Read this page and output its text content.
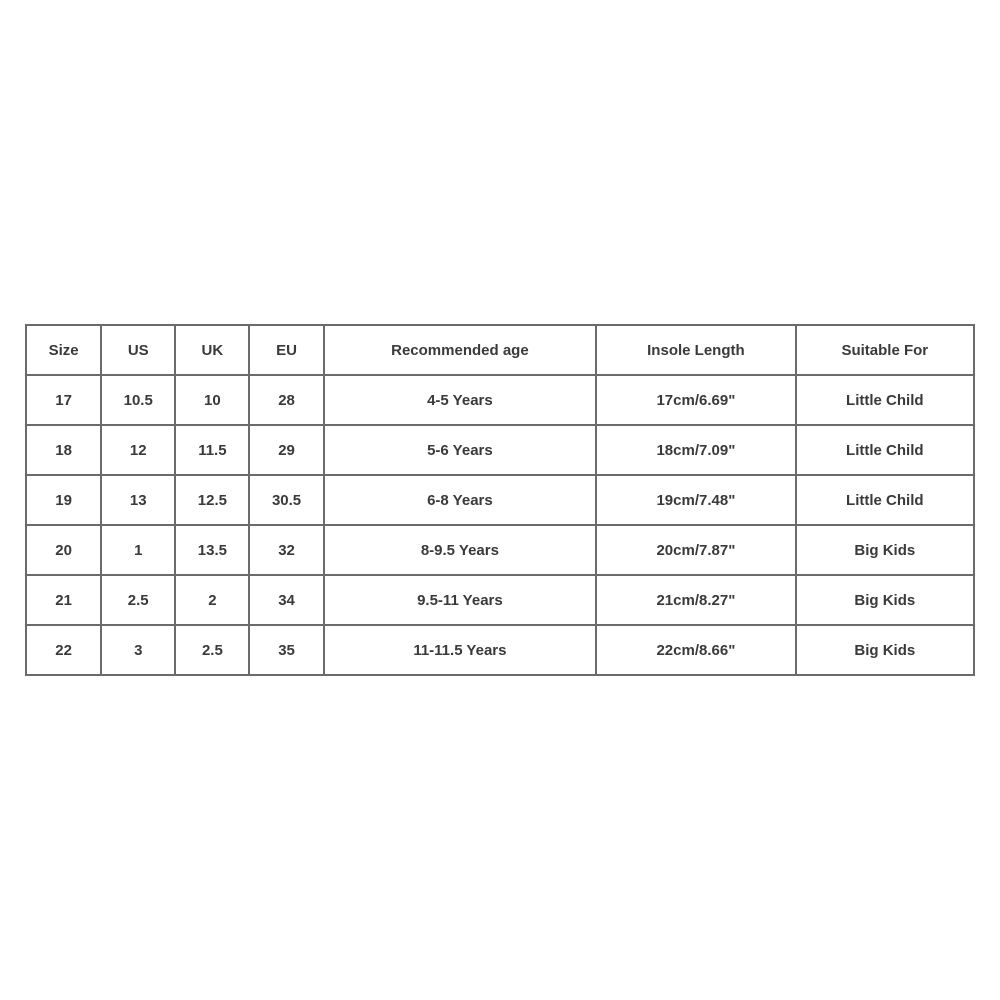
Size	US	UK	EU	Recommended age	Insole Length	Suitable For
17	10.5	10	28	4-5 Years	17cm/6.69"	Little Child
18	12	11.5	29	5-6 Years	18cm/7.09"	Little Child
19	13	12.5	30.5	6-8 Years	19cm/7.48"	Little Child
20	1	13.5	32	8-9.5 Years	20cm/7.87"	Big Kids
21	2.5	2	34	9.5-11 Years	21cm/8.27"	Big Kids
22	3	2.5	35	11-11.5 Years	22cm/8.66"	Big Kids
